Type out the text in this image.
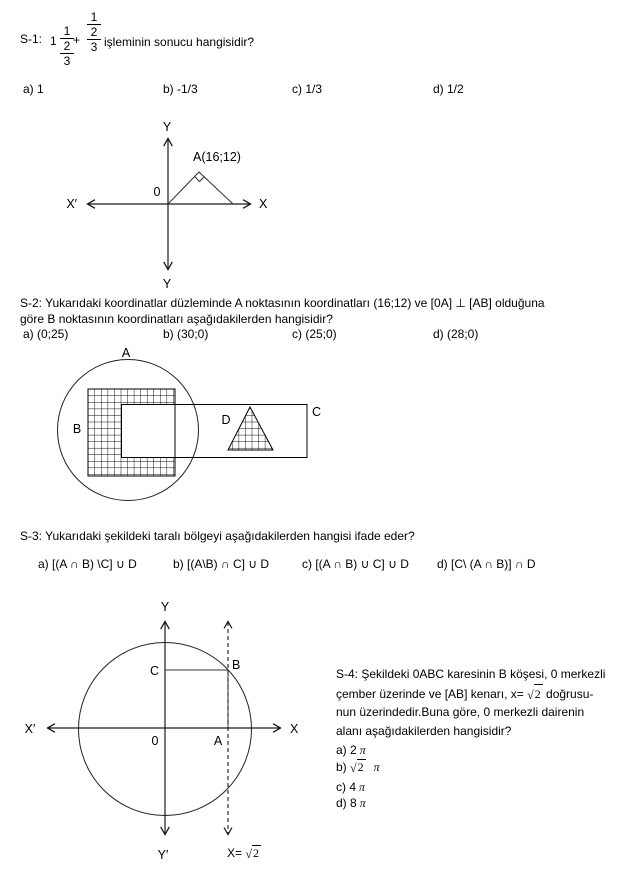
S-1: 1
1
2
3
+
1
2
3 işleminin sonucu hangisidir?
a) 1	b) -1/3	c) 1/3	d) 1/2
Y
Y
X′	X
0
A(16;12)
S-2: Yukarıdaki koordinatlar düzleminde A noktasının koordinatları (16;12) ve [0A] ⊥ [AB] olduğuna
göre B noktasının koordinatları aşağıdakilerden hangisidir?
a) (0;25)	b) (30;0)	c) (25;0)	d) (28;0)
A
B
C
D
S-3: Yukarıdaki şekildeki taralı bölgeyi aşağıdakilerden hangisi ifade eder?
a) [(A ∩ B) \C] ∪ D	b) [(A\B) ∩ C] ∪ D	c) [(A ∩ B) ∪ C] ∪ D d) [C\ (A ∩ B)] ∩ D
Y
Y′
X′	X
0	A
B
C
X= √2
S-4: Şekildeki 0ABC karesinin B köşesi, 0 merkezli
çember üzerinde ve [AB] kenarı, x= √2 doğrusu-
nun üzerindedir.Buna göre, 0 merkezli dairenin
alanı aşağıdakilerden hangisidir?
a) 2 π
b) √2 π
c) 4 π
d) 8 π
